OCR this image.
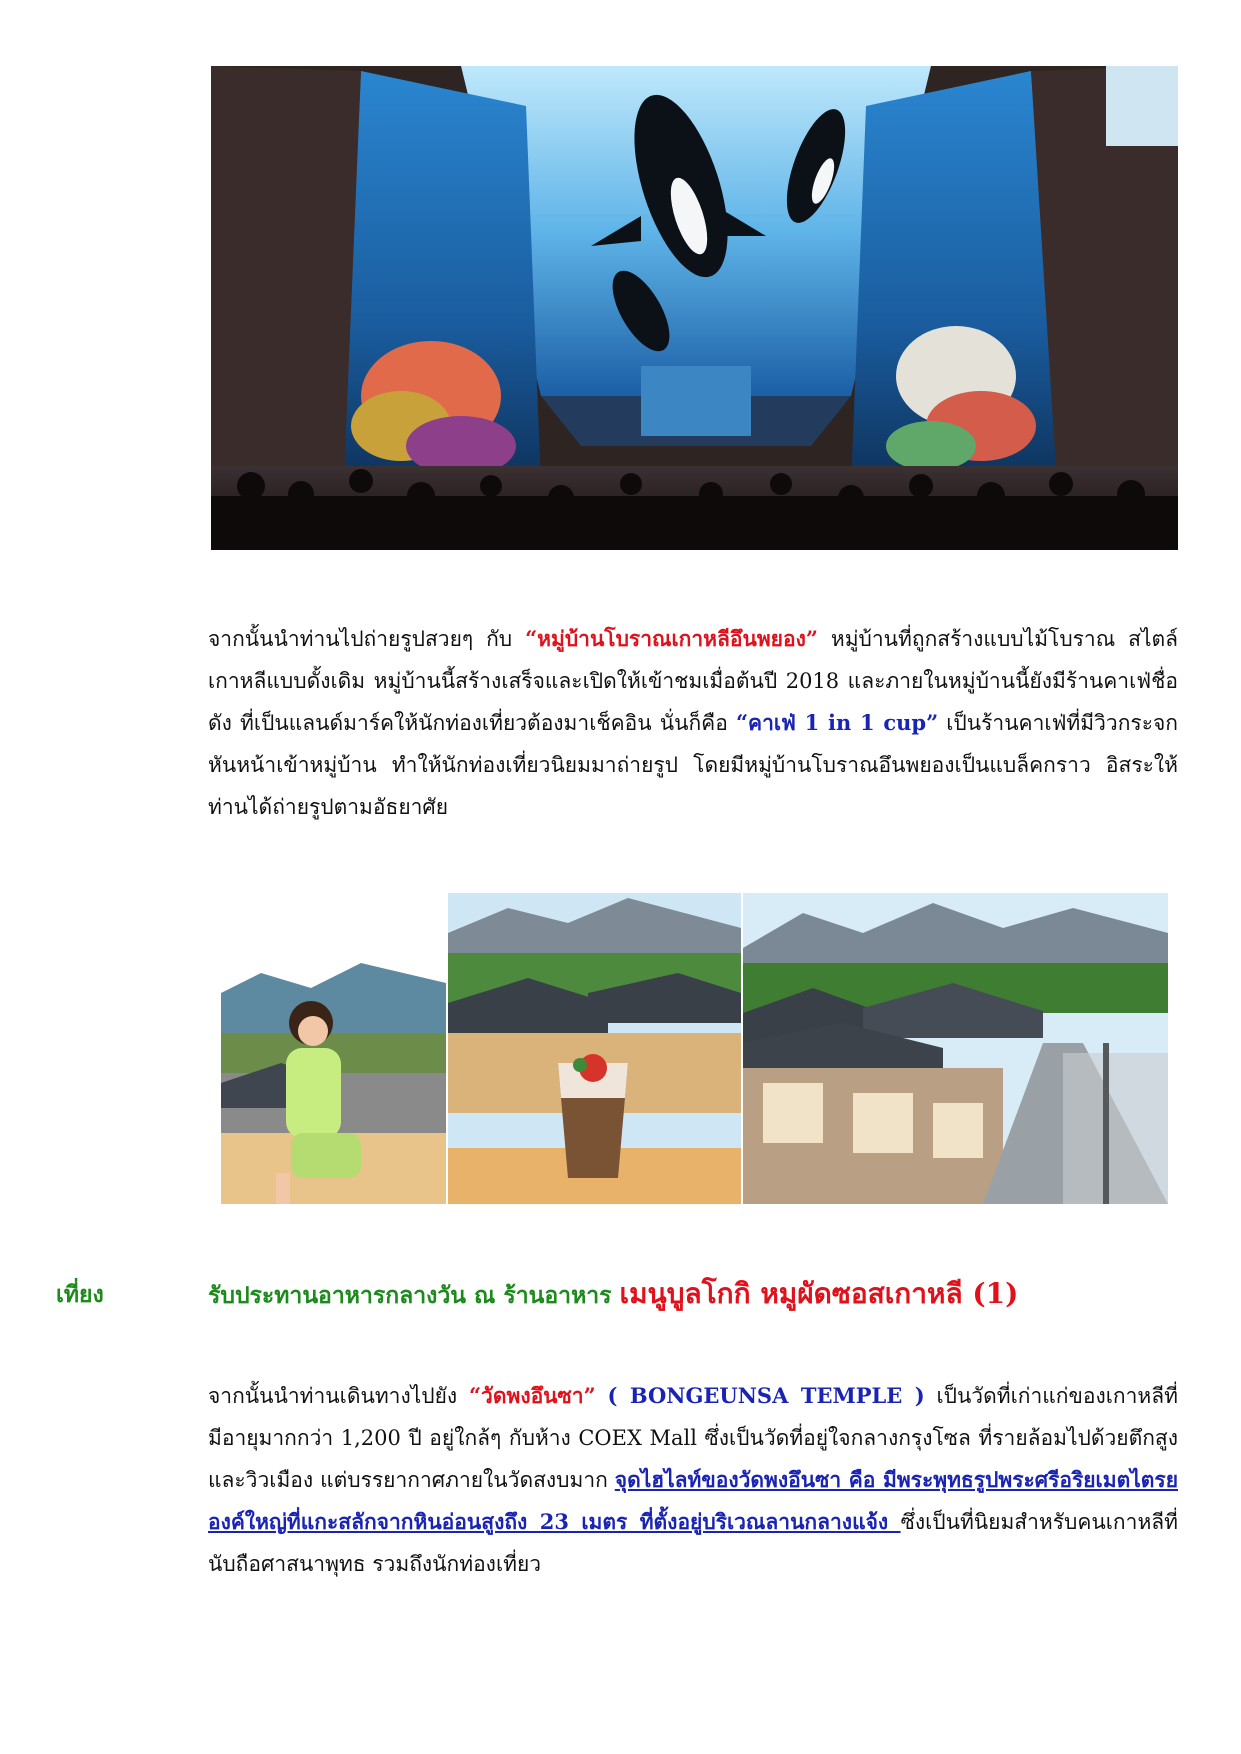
จากนั้นนำท่านไปถ่ายรูปสวยๆ กับ “หมู่บ้านโบราณเกาหลีอึนพยอง” หมู่บ้านที่ถูกสร้างแบบไม้โบราณ สไตล์เกาหลีแบบดั้งเดิม หมู่บ้านนี้สร้างเสร็จและเปิดให้เข้าชมเมื่อต้นปี 2018 และภายในหมู่บ้านนี้ยังมีร้านคาเฟ่ชื่อดัง ที่เป็นแลนด์มาร์คให้นักท่องเที่ยวต้องมาเช็คอิน นั่นก็คือ “คาเฟ่ 1 in 1 cup” เป็นร้านคาเฟ่ที่มีวิวกระจกหันหน้าเข้าหมู่บ้าน ทำให้นักท่องเที่ยวนิยมมาถ่ายรูป โดยมีหมู่บ้านโบราณอึนพยองเป็นแบล็คกราว อิสระให้ท่านได้ถ่ายรูปตามอัธยาศัย
เที่ยง	รับประทานอาหารกลางวัน ณ ร้านอาหาร เมนูบูลโกกิ หมูผัดซอสเกาหลี (1)
จากนั้นนำท่านเดินทางไปยัง “วัดพงอึนซา” ( BONGEUNSA TEMPLE ) เป็นวัดที่เก่าแก่ของเกาหลีที่มีอายุมากกว่า 1,200 ปี อยู่ใกล้ๆ กับห้าง COEX Mall ซึ่งเป็นวัดที่อยู่ใจกลางกรุงโซล ที่รายล้อมไปด้วยตึกสูงและวิวเมือง แต่บรรยากาศภายในวัดสงบมาก จุดไฮไลท์ของวัดพงอึนซา คือ มีพระพุทธรูปพระศรีอริยเมตไตรยองค์ใหญ่ที่แกะสลักจากหินอ่อนสูงถึง 23 เมตร ที่ตั้งอยู่บริเวณลานกลางแจ้ง ซึ่งเป็นที่นิยมสำหรับคนเกาหลีที่นับถือศาสนาพุทธ รวมถึงนักท่องเที่ยว
